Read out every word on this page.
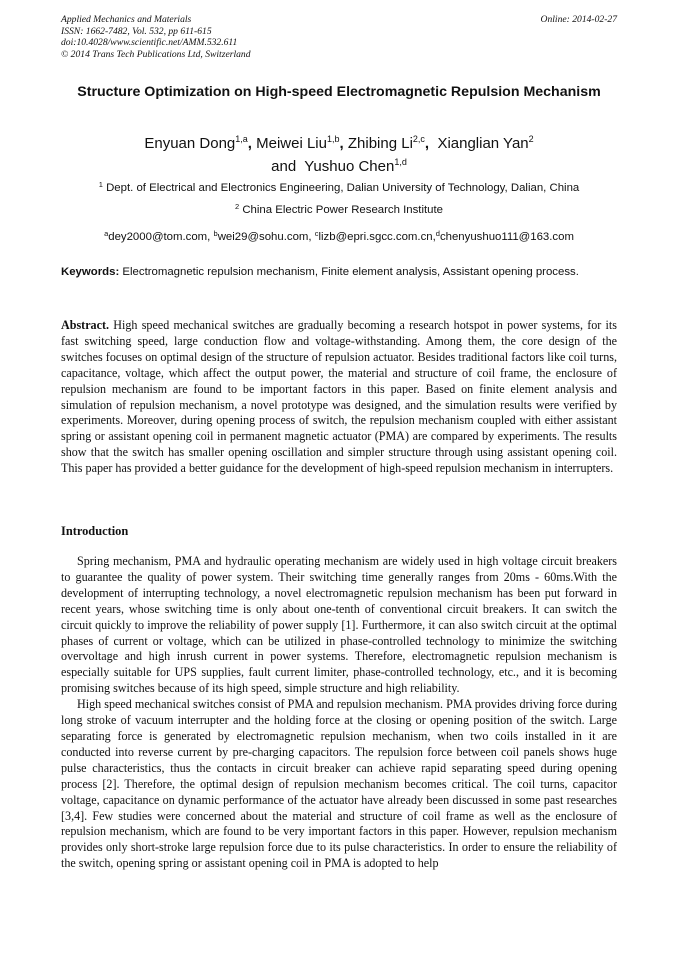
Applied Mechanics and Materials
ISSN: 1662-7482, Vol. 532, pp 611-615
doi:10.4028/www.scientific.net/AMM.532.611
© 2014 Trans Tech Publications Ltd, Switzerland
Online: 2014-02-27
Structure Optimization on High-speed Electromagnetic Repulsion Mechanism
Enyuan Dong$^{1,a}$, Meiwei Liu$^{1,b}$, Zhibing Li$^{2,c}$, Xianglian Yan$^2$
and Yushuo Chen$^{1,d}$
$^1$ Dept. of Electrical and Electronics Engineering, Dalian University of Technology, Dalian, China
$^2$ China Electric Power Research Institute
$^a$dey2000@tom.com, $^b$wei29@sohu.com, $^c$lizb@epri.sgcc.com.cn,$^d$chenyushuo111@163.com
Keywords: Electromagnetic repulsion mechanism, Finite element analysis, Assistant opening process.
Abstract. High speed mechanical switches are gradually becoming a research hotspot in power systems, for its fast switching speed, large conduction flow and voltage-withstanding. Among them, the core design of the switches focuses on optimal design of the structure of repulsion actuator. Besides traditional factors like coil turns, capacitance, voltage, which affect the output power, the material and structure of coil frame, the enclosure of repulsion mechanism are found to be important factors in this paper. Based on finite element analysis and simulation of repulsion mechanism, a novel prototype was designed, and the simulation results were verified by experiments. Moreover, during opening process of switch, the repulsion mechanism coupled with either assistant spring or assistant opening coil in permanent magnetic actuator (PMA) are compared by experiments. The results show that the switch has smaller opening oscillation and simpler structure through using assistant opening coil. This paper has provided a better guidance for the development of high-speed repulsion mechanism in interrupters.
Introduction

Spring mechanism, PMA and hydraulic operating mechanism are widely used in high voltage circuit breakers to guarantee the quality of power system. Their switching time generally ranges from 20ms - 60ms.With the development of interrupting technology, a novel electromagnetic repulsion mechanism has been put forward in recent years, whose switching time is only about one-tenth of conventional circuit breakers. It can switch the circuit quickly to improve the reliability of power supply [1]. Furthermore, it can also switch circuit at the optimal phases of current or voltage, which can be utilized in phase-controlled technology to minimize the switching overvoltage and high inrush current in power systems. Therefore, electromagnetic repulsion mechanism is especially suitable for UPS supplies, fault current limiter, phase-controlled technology, etc., and it is becoming promising switches because of its high speed, simple structure and high reliability.

High speed mechanical switches consist of PMA and repulsion mechanism. PMA provides driving force during long stroke of vacuum interrupter and the holding force at the closing or opening position of the switch. Large separating force is generated by electromagnetic repulsion mechanism, when two coils installed in it are conducted into reverse current by pre-charging capacitors. The repulsion force between coil panels shows huge pulse characteristics, thus the contacts in circuit breaker can achieve rapid separating speed during opening process [2]. Therefore, the optimal design of repulsion mechanism becomes critical. The coil turns, capacitor voltage, capacitance on dynamic performance of the actuator have already been discussed in some past researches [3,4]. Few studies were concerned about the material and structure of coil frame as well as the enclosure of repulsion mechanism, which are found to be very important factors in this paper. However, repulsion mechanism provides only short-stroke large repulsion force due to its pulse characteristics. In order to ensure the reliability of the switch, opening spring or assistant opening coil in PMA is adopted to help
